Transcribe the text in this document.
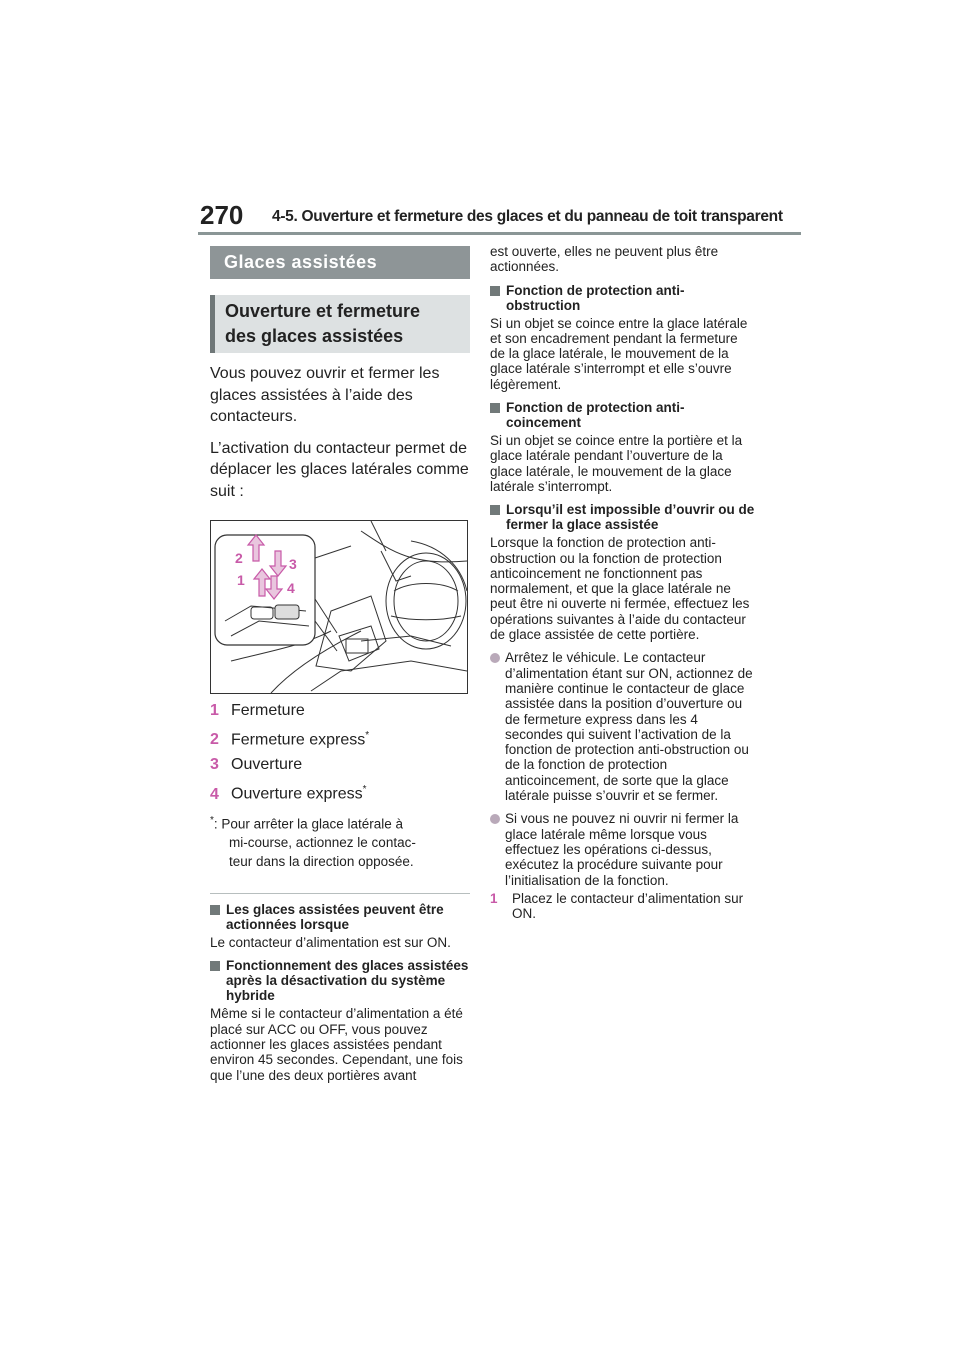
270 4-5. Ouverture et fermeture des glaces et du panneau de toit transparent
Glaces assistées
Ouverture et fermeture
des glaces assistées

Vous pouvez ouvrir et fermer les glaces assistées à l’aide des contacteurs.

L’activation du contacteur permet de déplacer les glaces latérales comme suit :

1
2	3
4
1 Fermeture
2 Fermeture express*
3 Ouverture
4 Ouverture express*
*: Pour arrêter la glace latérale à
mi-course, actionnez le contac-
teur dans la direction opposée.
Les glaces assistées peuvent être actionnées lorsque
Le contacteur d’alimentation est sur ON.
Fonctionnement des glaces assistées après la désactivation du système hybride
Même si le contacteur d’alimentation a été placé sur ACC ou OFF, vous pouvez actionner les glaces assistées pendant environ 45 secondes. Cependant, une fois que l’une des deux portières avant
est ouverte, elles ne peuvent plus être actionnées.
Fonction de protection anti-obstruction
Si un objet se coince entre la glace latérale et son encadrement pendant la fermeture de la glace latérale, le mouvement de la glace latérale s’interrompt et elle s’ouvre légèrement.
Fonction de protection anti-coincement
Si un objet se coince entre la portière et la glace latérale pendant l’ouverture de la glace latérale, le mouvement de la glace latérale s’interrompt.
Lorsqu’il est impossible d’ouvrir ou de fermer la glace assistée
Lorsque la fonction de protection anti-obstruction ou la fonction de protection anticoincement ne fonctionnent pas normalement, et que la glace latérale ne peut être ni ouverte ni fermée, effectuez les opérations suivantes à l’aide du contacteur de glace assistée de cette portière.
Arrêtez le véhicule. Le contacteur d’alimentation étant sur ON, actionnez de manière continue le contacteur de glace assistée dans la position d’ouverture ou de fermeture express dans les 4 secondes qui suivent l’activation de la fonction de protection anti-obstruction ou de la fonction de protection anticoincement, de sorte que la glace latérale puisse s’ouvrir et se fermer.
Si vous ne pouvez ni ouvrir ni fermer la glace latérale même lorsque vous effectuez les opérations ci-dessus, exécutez la procédure suivante pour l’initialisation de la fonction.
1 Placez le contacteur d’alimentation sur ON.
